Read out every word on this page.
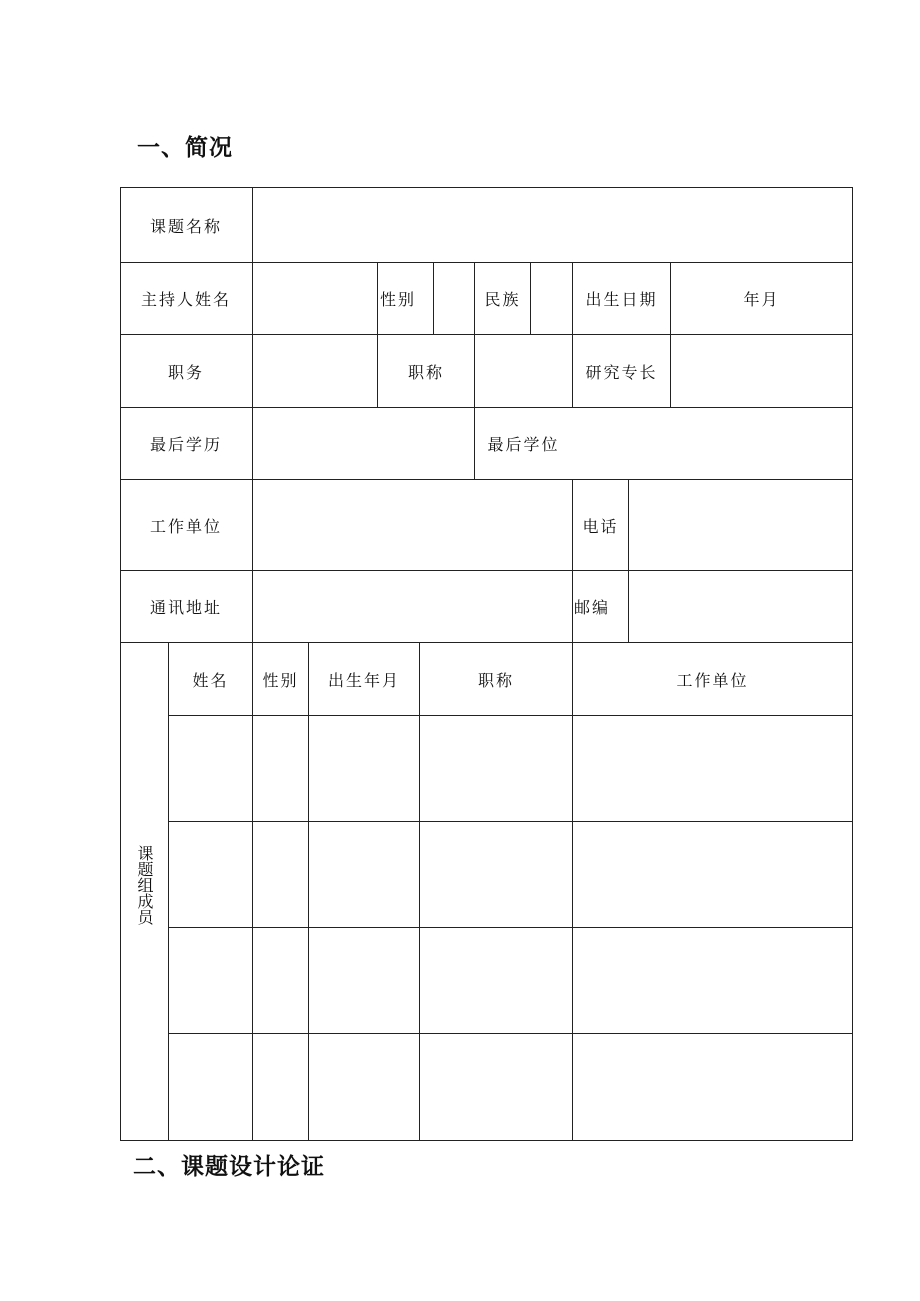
一、简况
课题名称
主持人姓名	性别	民族	出生日期	年月
职务	职称	研究专长
最后学历	最后学位
工作单位	电话
通讯地址	邮编
课题组成员
姓名	性别	出生年月	职称	工作单位
二、课题设计论证
